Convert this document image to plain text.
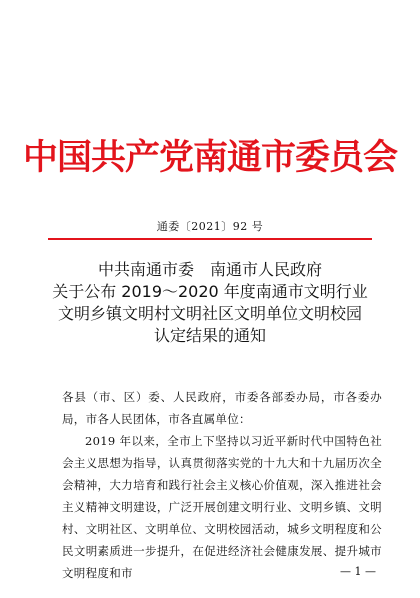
中国共产党南通市委员会
通委〔2021〕92 号
中共南通市委　南通市人民政府
关于公布 2019～2020 年度南通市文明行业
文明乡镇文明村文明社区文明单位文明校园
认定结果的通知

各县（市、区）委、人民政府，市委各部委办局，市各委办局，市各人民团体，市各直属单位：

2019 年以来，全市上下坚持以习近平新时代中国特色社会主义思想为指导，认真贯彻落实党的十九大和十九届历次全会精神，大力培育和践行社会主义核心价值观，深入推进社会主义精神文明建设，广泛开展创建文明行业、文明乡镇、文明村、文明社区、文明单位、文明校园活动，城乡文明程度和公民文明素质进一步提升，在促进经济社会健康发展、提升城市文明程度和市	— 1 —
